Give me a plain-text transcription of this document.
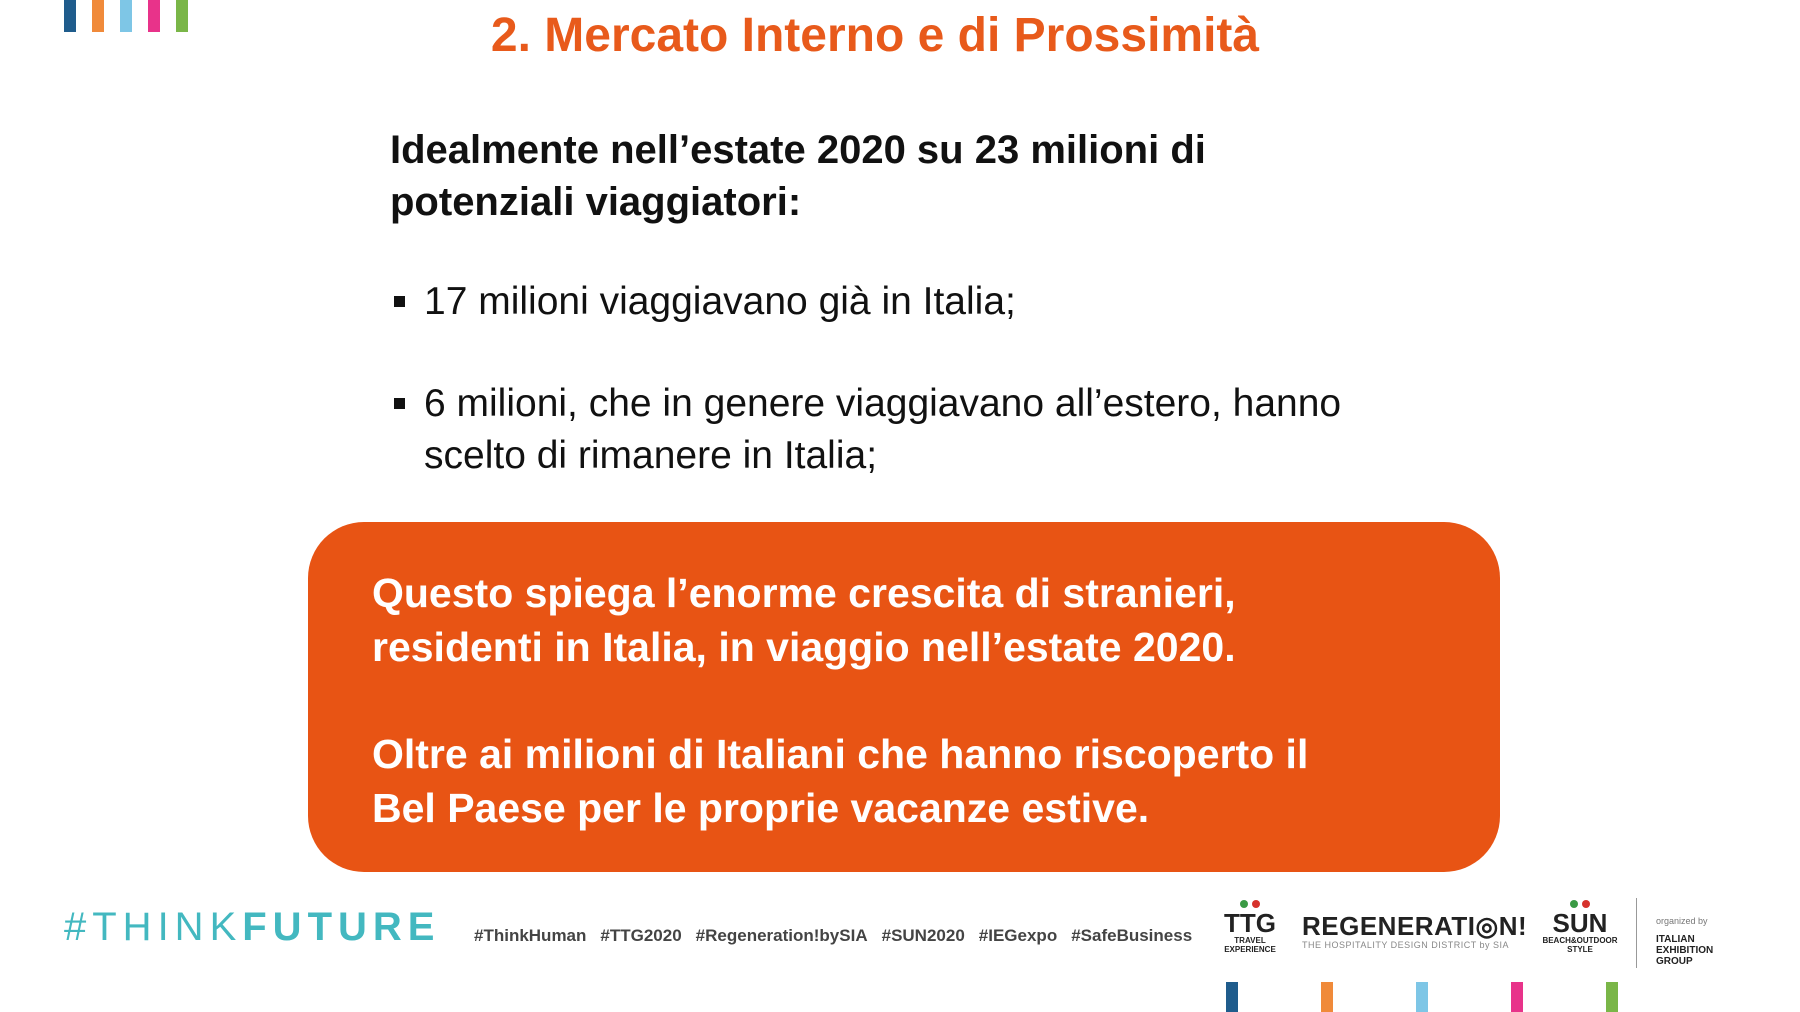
2. Mercato Interno e di Prossimità
Idealmente nell’estate 2020 su 23 milioni di
potenziali viaggiatori:
17 milioni viaggiavano già in Italia;
6 milioni, che in genere viaggiavano all’estero, hanno
scelto di rimanere in Italia;

Questo spiega l’enorme crescita di stranieri,
residenti in Italia, in viaggio nell’estate 2020.

Oltre ai milioni di Italiani che hanno riscoperto il
Bel Paese per le proprie vacanze estive.

#THINKFUTURE #ThinkHuman #TTG2020 #Regeneration!bySIA #SUN2020 #IEGexpo #SafeBusiness TTG
TRAVEL
EXPERIENCE
REGENERATI◎N!
THE HOSPITALITY DESIGN DISTRICT by SIA
SUN
BEACH&OUTDOOR
STYLE
organized by
ITALIAN
EXHIBITION
GROUP
